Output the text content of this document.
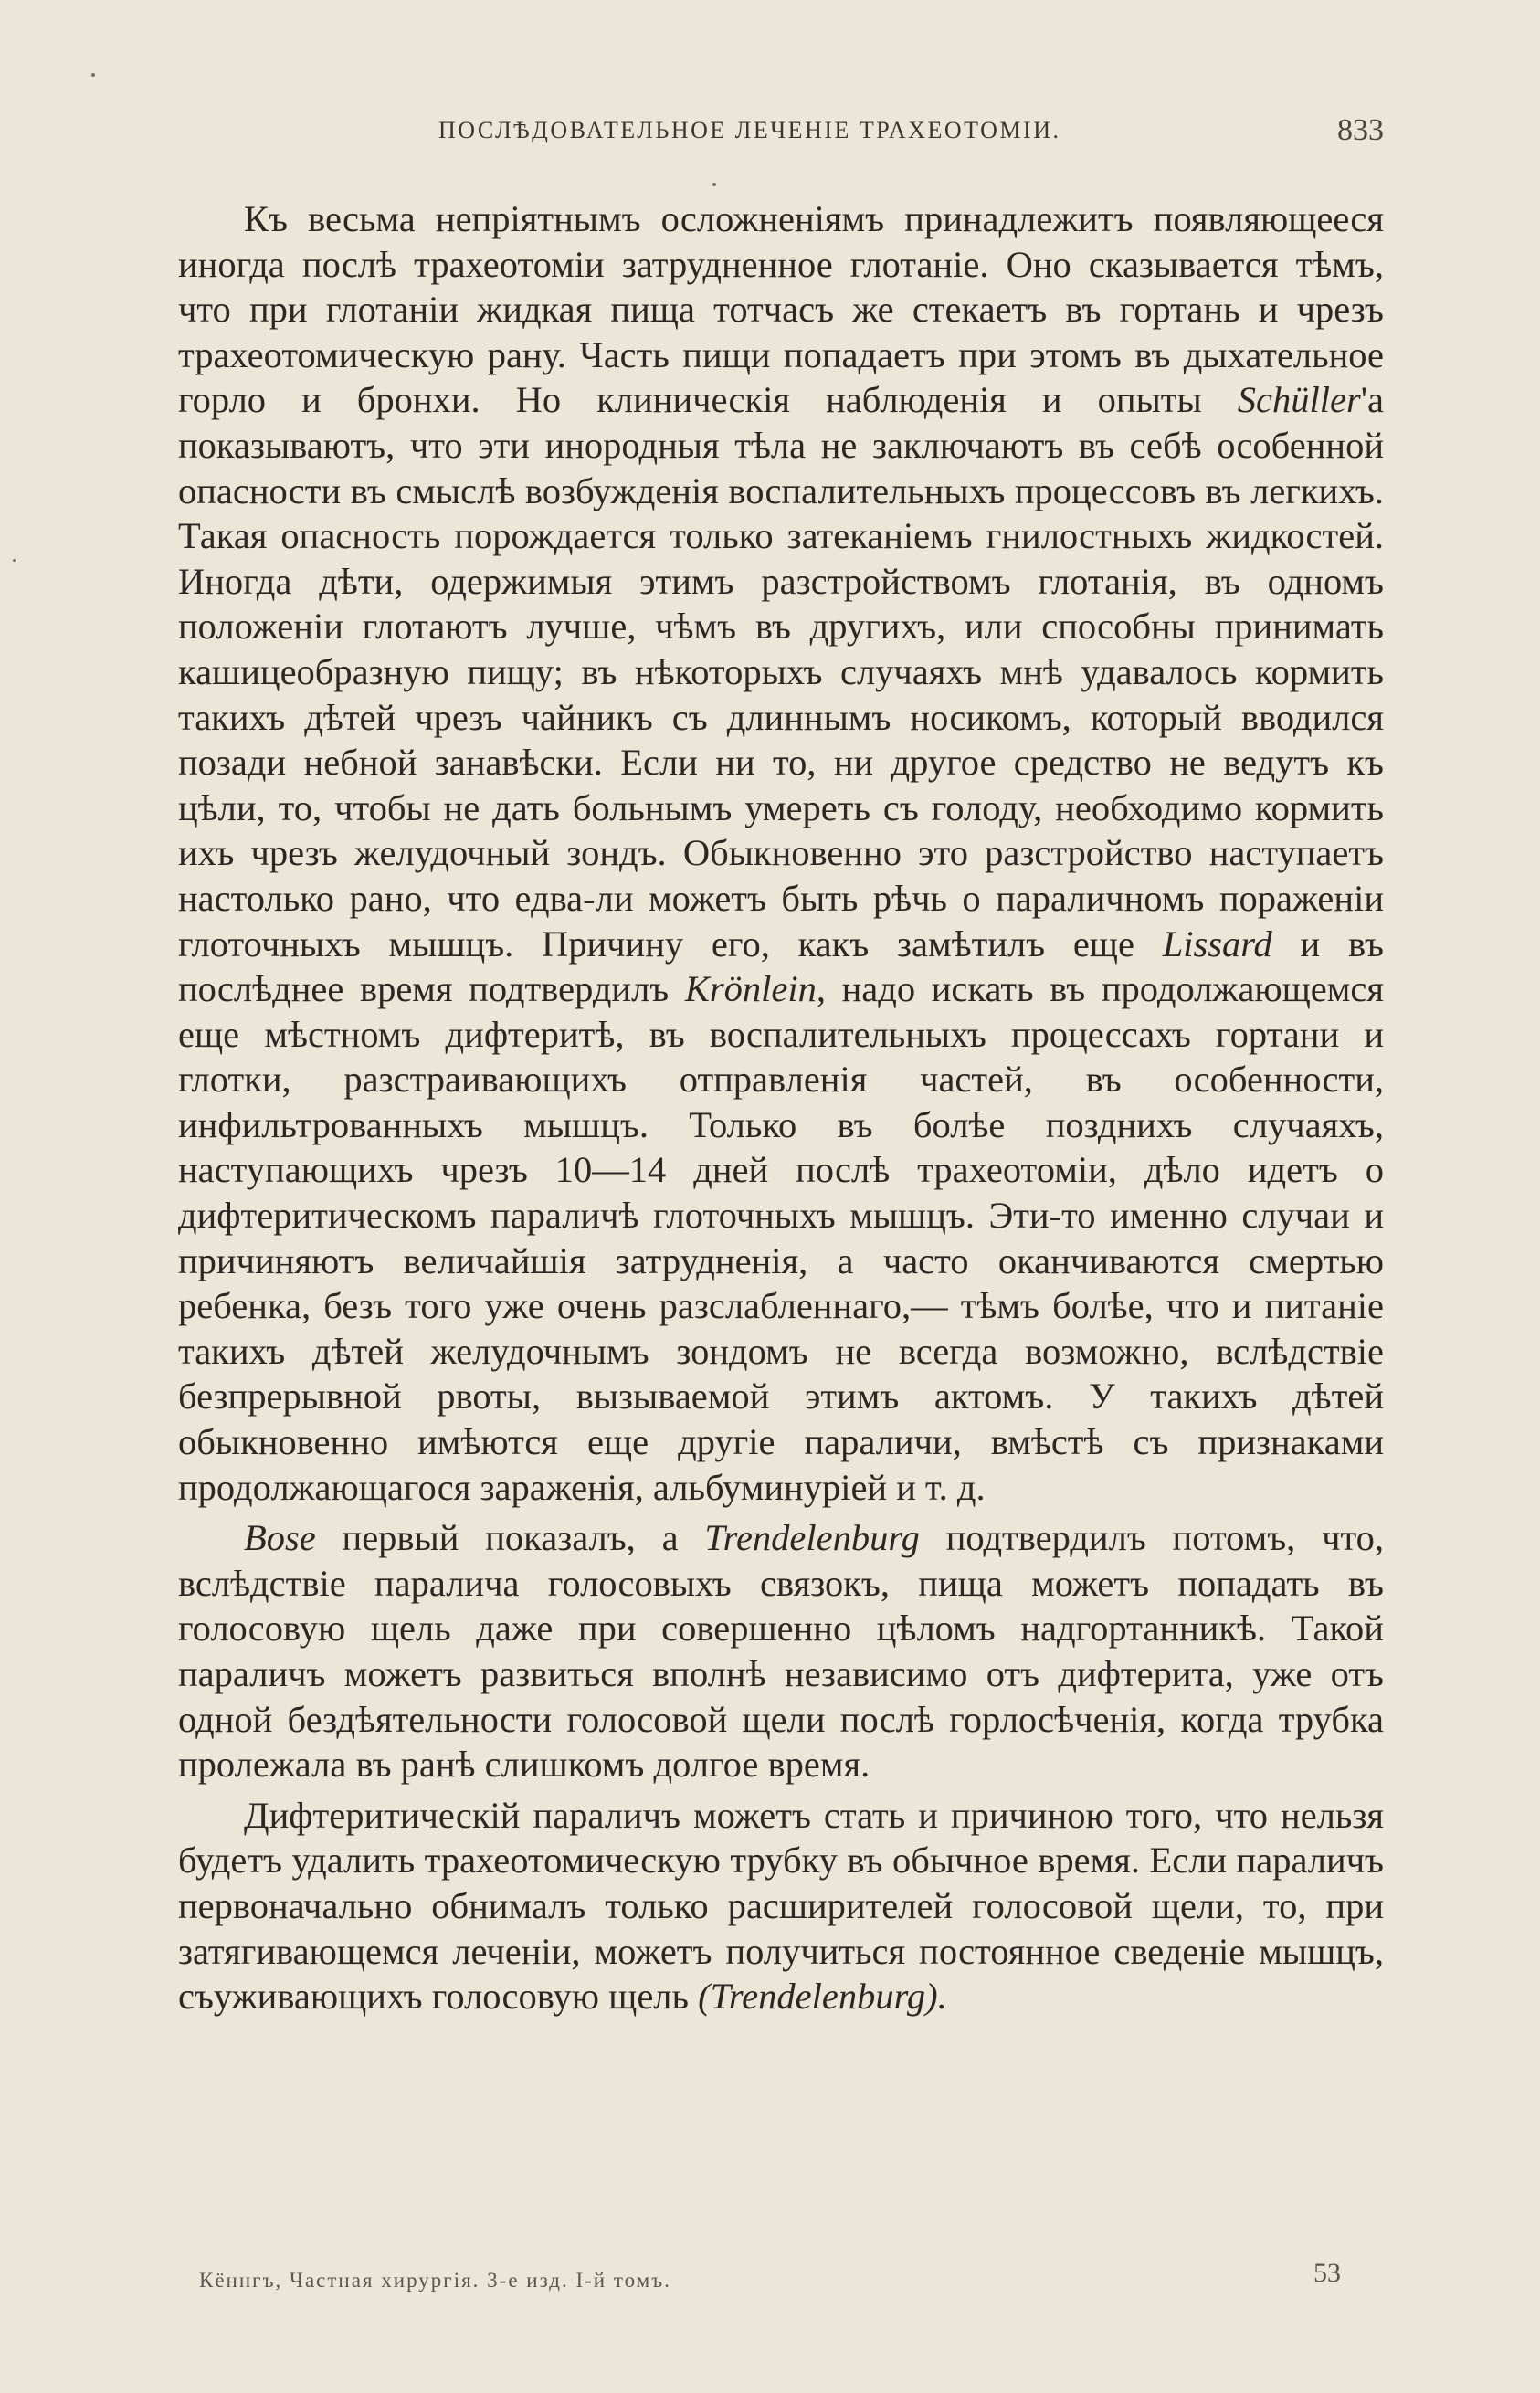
ПОСЛѢДОВАТЕЛЬНОЕ ЛЕЧЕНІЕ ТРАХЕОТОМІИ.	833

Къ весьма непріятнымъ осложненіямъ принадлежитъ появляющееся иногда послѣ трахеотоміи затрудненное глотаніе. Оно сказывается тѣмъ, что при глотаніи жидкая пища тотчасъ же стекаетъ въ гортань и чрезъ трахеотомическую рану. Часть пищи попадаетъ при этомъ въ дыхательное горло и бронхи. Но клиническія наблюденія и опыты Schüller'а показываютъ, что эти инородныя тѣла не заключаютъ въ себѣ особенной опасности въ смыслѣ возбужденія воспалительныхъ процессовъ въ легкихъ. Такая опасность порождается только затеканіемъ гнилостныхъ жидкостей. Иногда дѣти, одержимыя этимъ разстройствомъ глотанія, въ одномъ положеніи глотаютъ лучше, чѣмъ въ другихъ, или способны принимать кашицеобразную пищу; въ нѣкоторыхъ случаяхъ мнѣ удавалось кормить такихъ дѣтей чрезъ чайникъ съ длиннымъ носикомъ, который вводился позади небной занавѣски. Если ни то, ни другое средство не ведутъ къ цѣли, то, чтобы не дать больнымъ умереть съ голоду, необходимо кормить ихъ чрезъ желудочный зондъ. Обыкновенно это разстройство наступаетъ настолько рано, что едва-ли можетъ быть рѣчь о параличномъ пораженіи глоточныхъ мышцъ. Причину его, какъ замѣтилъ еще Lissard и въ послѣднее время подтвердилъ Krönlein, надо искать въ продолжающемся еще мѣстномъ дифтеритѣ, въ воспалительныхъ процессахъ гортани и глотки, разстраивающихъ отправленія частей, въ особенности, инфильтрованныхъ мышцъ. Только въ болѣе позднихъ случаяхъ, наступающихъ чрезъ 10—14 дней послѣ трахеотоміи, дѣло идетъ о дифтеритическомъ параличѣ глоточныхъ мышцъ. Эти-то именно случаи и причиняютъ величайшія затрудненія, а часто оканчиваются смертью ребенка, безъ того уже очень разслабленнаго,— тѣмъ болѣе, что и питаніе такихъ дѣтей желудочнымъ зондомъ не всегда возможно, вслѣдствіе безпрерывной рвоты, вызываемой этимъ актомъ. У такихъ дѣтей обыкновенно имѣются еще другіе параличи, вмѣстѣ съ признаками продолжающагося зараженія, альбуминуріей и т. д.

Bose первый показалъ, а Trendelenburg подтвердилъ потомъ, что, вслѣдствіе паралича голосовыхъ связокъ, пища можетъ попадать въ голосовую щель даже при совершенно цѣломъ надгортанникѣ. Такой параличъ можетъ развиться вполнѣ независимо отъ дифтерита, уже отъ одной бездѣятельности голосовой щели послѣ горлосѣченія, когда трубка пролежала въ ранѣ слишкомъ долгое время.

Дифтеритическій параличъ можетъ стать и причиною того, что нельзя будетъ удалить трахеотомическую трубку въ обычное время. Если параличъ первоначально обнималъ только расширителей голосовой щели, то, при затягивающемся леченіи, можетъ получиться постоянное сведеніе мышцъ, съуживающихъ голосовую щель (Trendelenburg).

Кённгъ, Частная хирургія. 3-е изд. І-й томъ.	53
